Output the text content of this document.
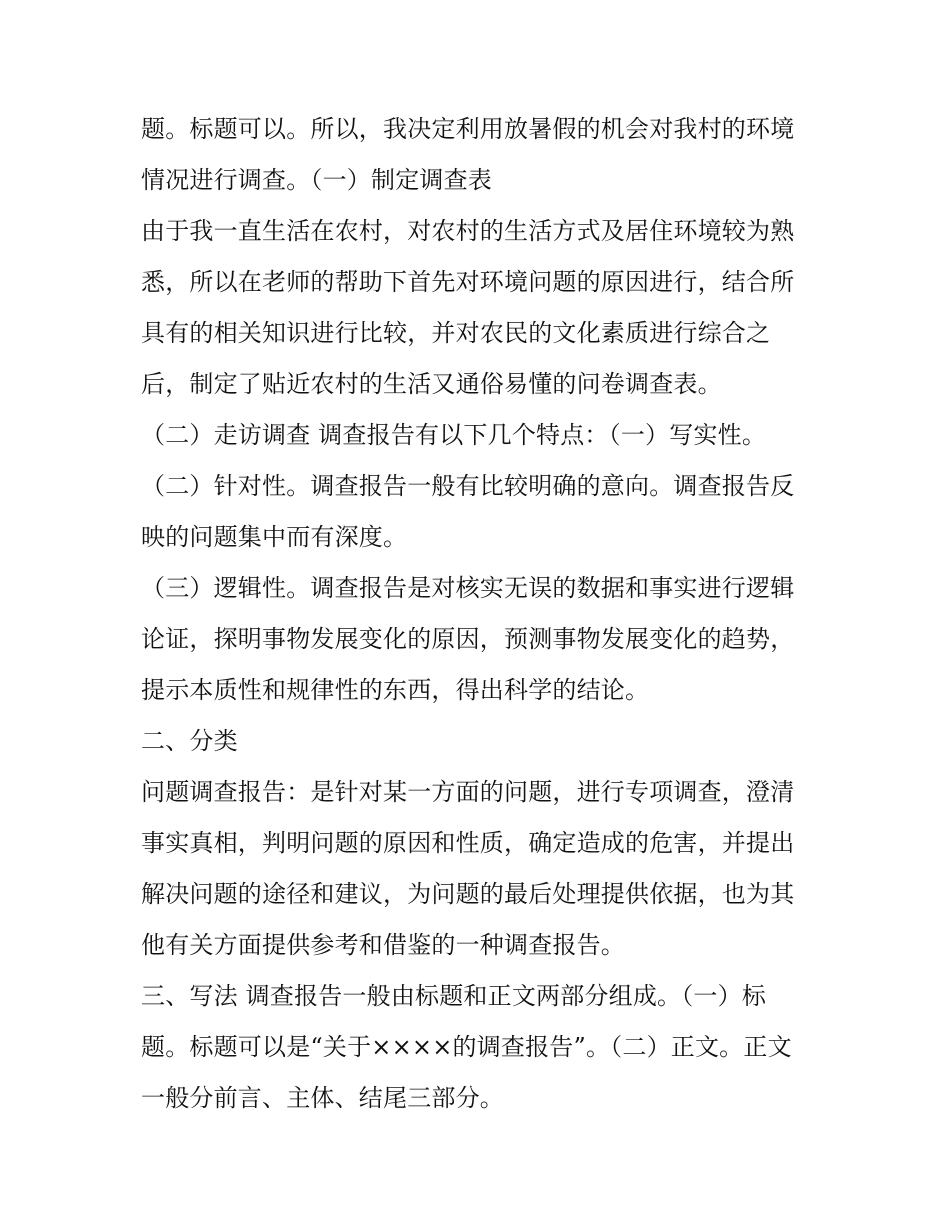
题。标题可以。所以，我决定利用放暑假的机会对我村的环境
情况进行调查。（一）制定调查表
由于我一直生活在农村，对农村的生活方式及居住环境较为熟
悉，所以在老师的帮助下首先对环境问题的原因进行，结合所
具有的相关知识进行比较，并对农民的文化素质进行综合之
后，制定了贴近农村的生活又通俗易懂的问卷调查表。
（二）走访调查 调查报告有以下几个特点：（一）写实性。
（二）针对性。调查报告一般有比较明确的意向。调查报告反
映的问题集中而有深度。
（三）逻辑性。调查报告是对核实无误的数据和事实进行逻辑
论证，探明事物发展变化的原因，预测事物发展变化的趋势，
提示本质性和规律性的东西，得出科学的结论。
二、分类
问题调查报告：是针对某一方面的问题，进行专项调查，澄清
事实真相，判明问题的原因和性质，确定造成的危害，并提出
解决问题的途径和建议，为问题的最后处理提供依据，也为其
他有关方面提供参考和借鉴的一种调查报告。
三、写法 调查报告一般由标题和正文两部分组成。（一）标
题。标题可以是“关于××××的调查报告”。（二）正文。正文
一般分前言、主体、结尾三部分。
